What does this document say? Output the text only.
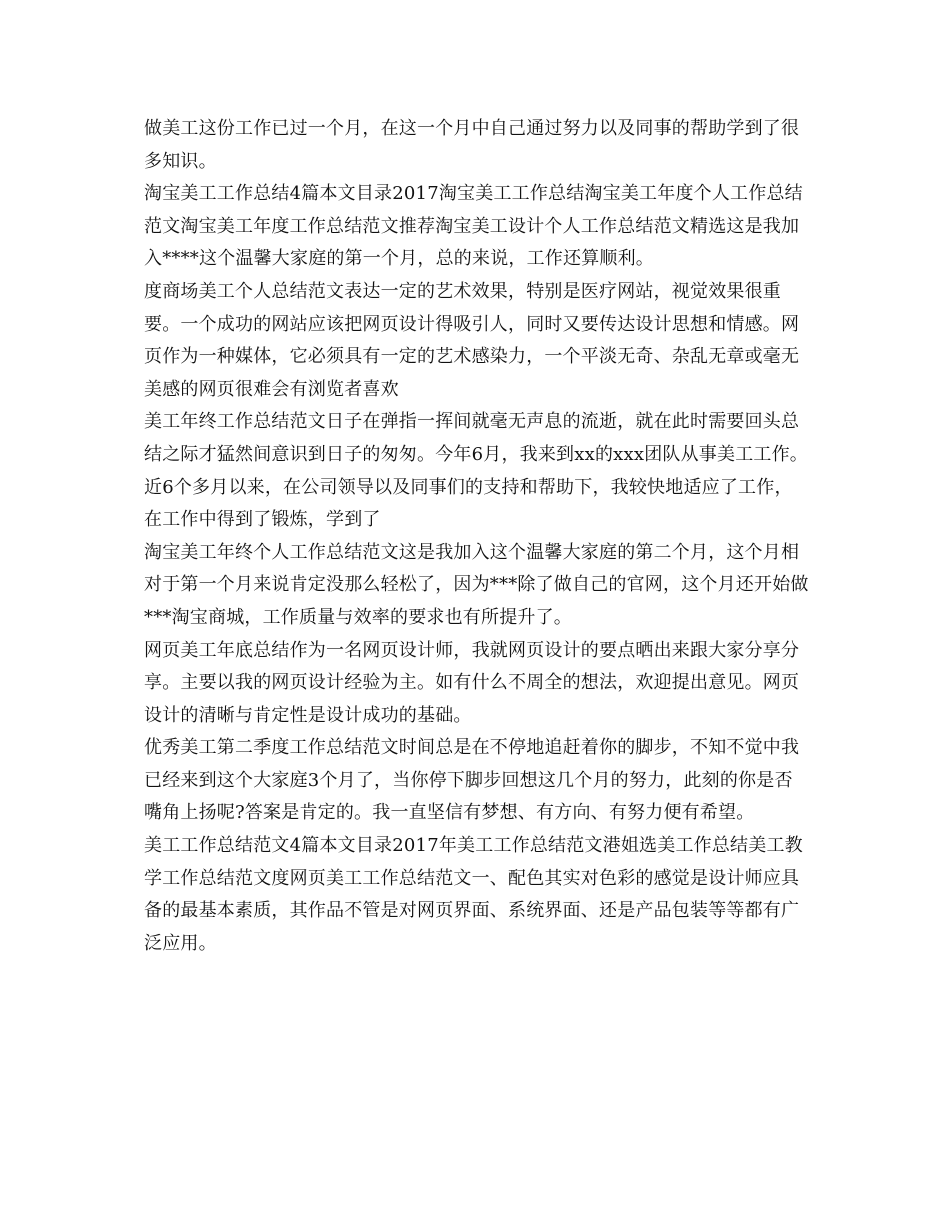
做美工这份工作已过一个月，在这一个月中自己通过努力以及同事的帮助学到了很多知识。

淘宝美工工作总结4篇本文目录2017淘宝美工工作总结淘宝美工年度个人工作总结范文淘宝美工年度工作总结范文推荐淘宝美工设计个人工作总结范文精选这是我加入****这个温馨大家庭的第一个月，总的来说，工作还算顺利。

度商场美工个人总结范文表达一定的艺术效果，特别是医疗网站，视觉效果很重要。一个成功的网站应该把网页设计得吸引人，同时又要传达设计思想和情感。网页作为一种媒体，它必须具有一定的艺术感染力，一个平淡无奇、杂乱无章或毫无美感的网页很难会有浏览者喜欢

美工年终工作总结范文日子在弹指一挥间就毫无声息的流逝，就在此时需要回头总结之际才猛然间意识到日子的匆匆。今年6月，我来到xx的xxx团队从事美工工作。近6个多月以来，在公司领导以及同事们的支持和帮助下，我较快地适应了工作，在工作中得到了锻炼，学到了

淘宝美工年终个人工作总结范文这是我加入这个温馨大家庭的第二个月，这个月相对于第一个月来说肯定没那么轻松了，因为***除了做自己的官网，这个月还开始做***淘宝商城，工作质量与效率的要求也有所提升了。

网页美工年底总结作为一名网页设计师，我就网页设计的要点晒出来跟大家分享分享。主要以我的网页设计经验为主。如有什么不周全的想法，欢迎提出意见。网页设计的清晰与肯定性是设计成功的基础。

优秀美工第二季度工作总结范文时间总是在不停地追赶着你的脚步，不知不觉中我已经来到这个大家庭3个月了，当你停下脚步回想这几个月的努力，此刻的你是否嘴角上扬呢?答案是肯定的。我一直坚信有梦想、有方向、有努力便有希望。

美工工作总结范文4篇本文目录2017年美工工作总结范文港姐选美工作总结美工教学工作总结范文度网页美工工作总结范文一、配色其实对色彩的感觉是设计师应具备的最基本素质，其作品不管是对网页界面、系统界面、还是产品包装等等都有广泛应用。
